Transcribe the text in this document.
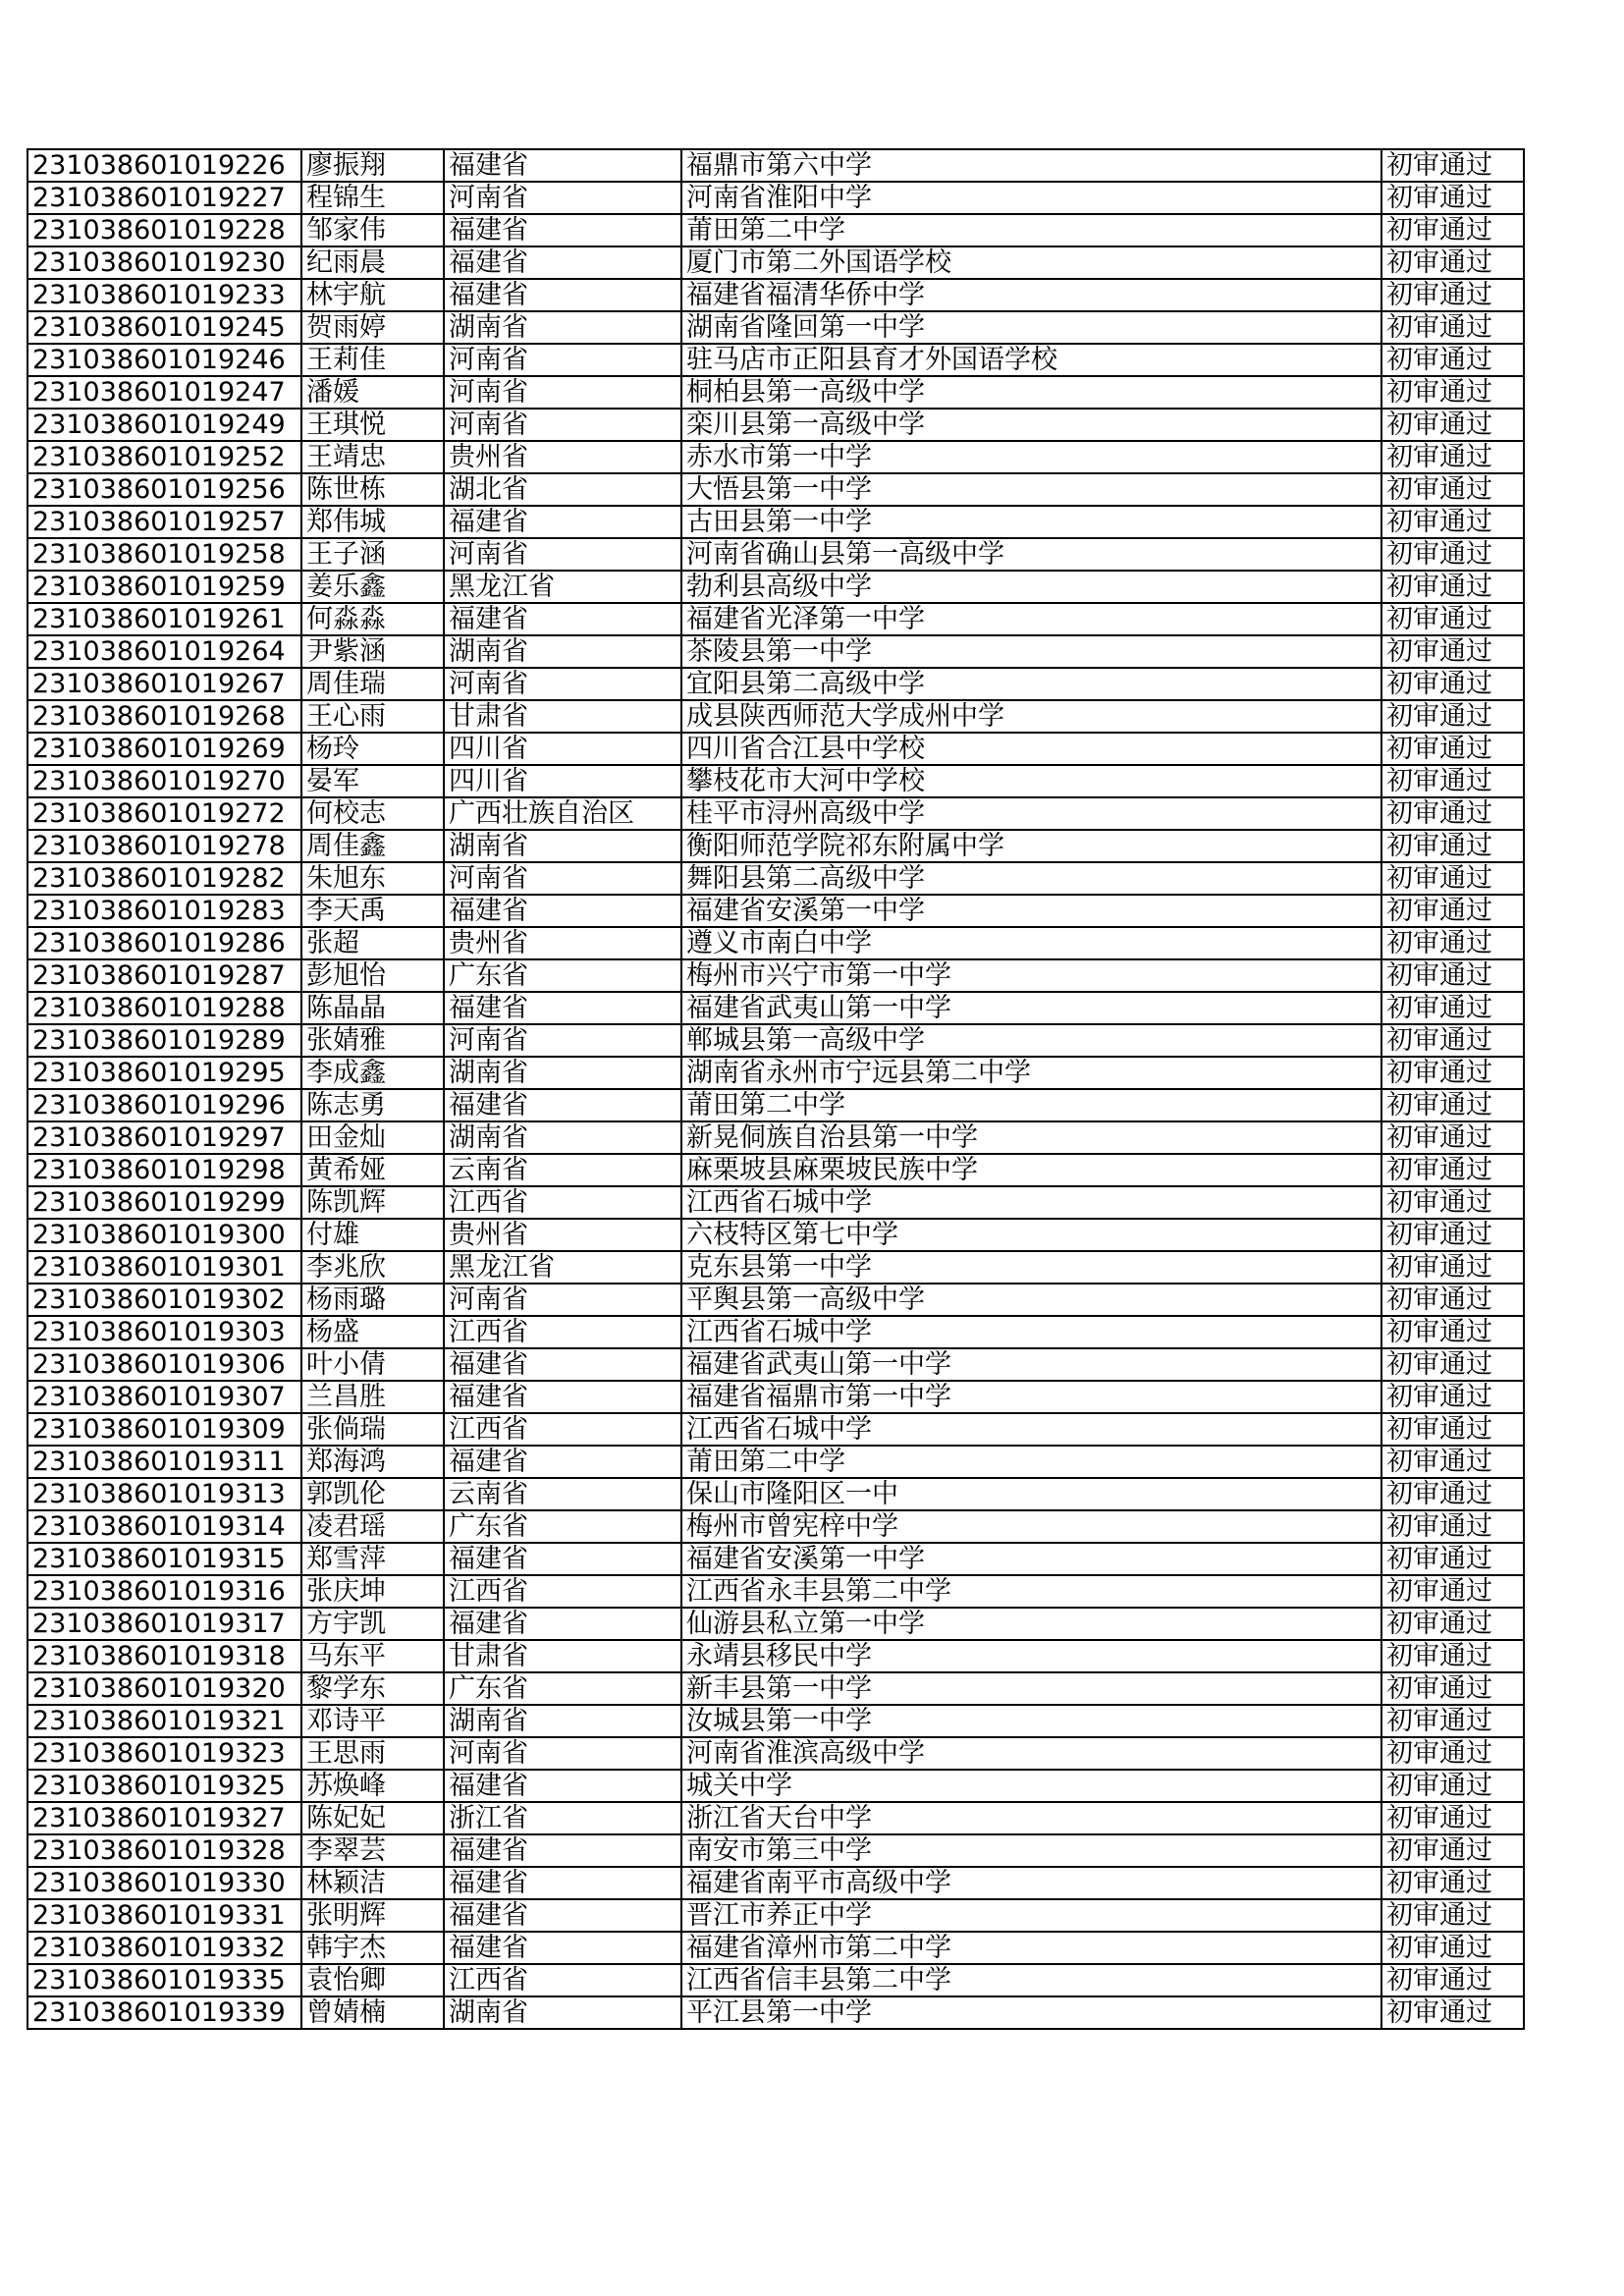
231038601019226	廖振翔	福建省	福鼎市第六中学	初审通过	
231038601019227	程锦生	河南省	河南省淮阳中学	初审通过	
231038601019228	邹家伟	福建省	莆田第二中学	初审通过	
231038601019230	纪雨晨	福建省	厦门市第二外国语学校	初审通过	
231038601019233	林宇航	福建省	福建省福清华侨中学	初审通过	
231038601019245	贺雨婷	湖南省	湖南省隆回第一中学	初审通过	
231038601019246	王莉佳	河南省	驻马店市正阳县育才外国语学校	初审通过	
231038601019247	潘媛	河南省	桐柏县第一高级中学	初审通过	
231038601019249	王琪悦	河南省	栾川县第一高级中学	初审通过	
231038601019252	王靖忠	贵州省	赤水市第一中学	初审通过	
231038601019256	陈世栋	湖北省	大悟县第一中学	初审通过	
231038601019257	郑伟城	福建省	古田县第一中学	初审通过	
231038601019258	王子涵	河南省	河南省确山县第一高级中学	初审通过	
231038601019259	姜乐鑫	黑龙江省	勃利县高级中学	初审通过	
231038601019261	何淼淼	福建省	福建省光泽第一中学	初审通过	
231038601019264	尹紫涵	湖南省	茶陵县第一中学	初审通过	
231038601019267	周佳瑞	河南省	宜阳县第二高级中学	初审通过	
231038601019268	王心雨	甘肃省	成县陕西师范大学成州中学	初审通过	
231038601019269	杨玲	四川省	四川省合江县中学校	初审通过	
231038601019270	晏军	四川省	攀枝花市大河中学校	初审通过	
231038601019272	何校志	广西壮族自治区	桂平市浔州高级中学	初审通过	
231038601019278	周佳鑫	湖南省	衡阳师范学院祁东附属中学	初审通过	
231038601019282	朱旭东	河南省	舞阳县第二高级中学	初审通过	
231038601019283	李天禹	福建省	福建省安溪第一中学	初审通过	
231038601019286	张超	贵州省	遵义市南白中学	初审通过	
231038601019287	彭旭怡	广东省	梅州市兴宁市第一中学	初审通过	
231038601019288	陈晶晶	福建省	福建省武夷山第一中学	初审通过	
231038601019289	张婧雅	河南省	郸城县第一高级中学	初审通过	
231038601019295	李成鑫	湖南省	湖南省永州市宁远县第二中学	初审通过	
231038601019296	陈志勇	福建省	莆田第二中学	初审通过	
231038601019297	田金灿	湖南省	新晃侗族自治县第一中学	初审通过	
231038601019298	黄希娅	云南省	麻栗坡县麻栗坡民族中学	初审通过	
231038601019299	陈凯辉	江西省	江西省石城中学	初审通过	
231038601019300	付雄	贵州省	六枝特区第七中学	初审通过	
231038601019301	李兆欣	黑龙江省	克东县第一中学	初审通过	
231038601019302	杨雨璐	河南省	平舆县第一高级中学	初审通过	
231038601019303	杨盛	江西省	江西省石城中学	初审通过	
231038601019306	叶小倩	福建省	福建省武夷山第一中学	初审通过	
231038601019307	兰昌胜	福建省	福建省福鼎市第一中学	初审通过	
231038601019309	张倘瑞	江西省	江西省石城中学	初审通过	
231038601019311	郑海鸿	福建省	莆田第二中学	初审通过	
231038601019313	郭凯伦	云南省	保山市隆阳区一中	初审通过	
231038601019314	凌君瑶	广东省	梅州市曾宪梓中学	初审通过	
231038601019315	郑雪萍	福建省	福建省安溪第一中学	初审通过	
231038601019316	张庆坤	江西省	江西省永丰县第二中学	初审通过	
231038601019317	方宇凯	福建省	仙游县私立第一中学	初审通过	
231038601019318	马东平	甘肃省	永靖县移民中学	初审通过	
231038601019320	黎学东	广东省	新丰县第一中学	初审通过	
231038601019321	邓诗平	湖南省	汝城县第一中学	初审通过	
231038601019323	王思雨	河南省	河南省淮滨高级中学	初审通过	
231038601019325	苏焕峰	福建省	城关中学	初审通过	
231038601019327	陈妃妃	浙江省	浙江省天台中学	初审通过	
231038601019328	李翠芸	福建省	南安市第三中学	初审通过	
231038601019330	林颖洁	福建省	福建省南平市高级中学	初审通过	
231038601019331	张明辉	福建省	晋江市养正中学	初审通过	
231038601019332	韩宇杰	福建省	福建省漳州市第二中学	初审通过	
231038601019335	袁怡卿	江西省	江西省信丰县第二中学	初审通过	
231038601019339	曾婧楠	湖南省	平江县第一中学	初审通过	
